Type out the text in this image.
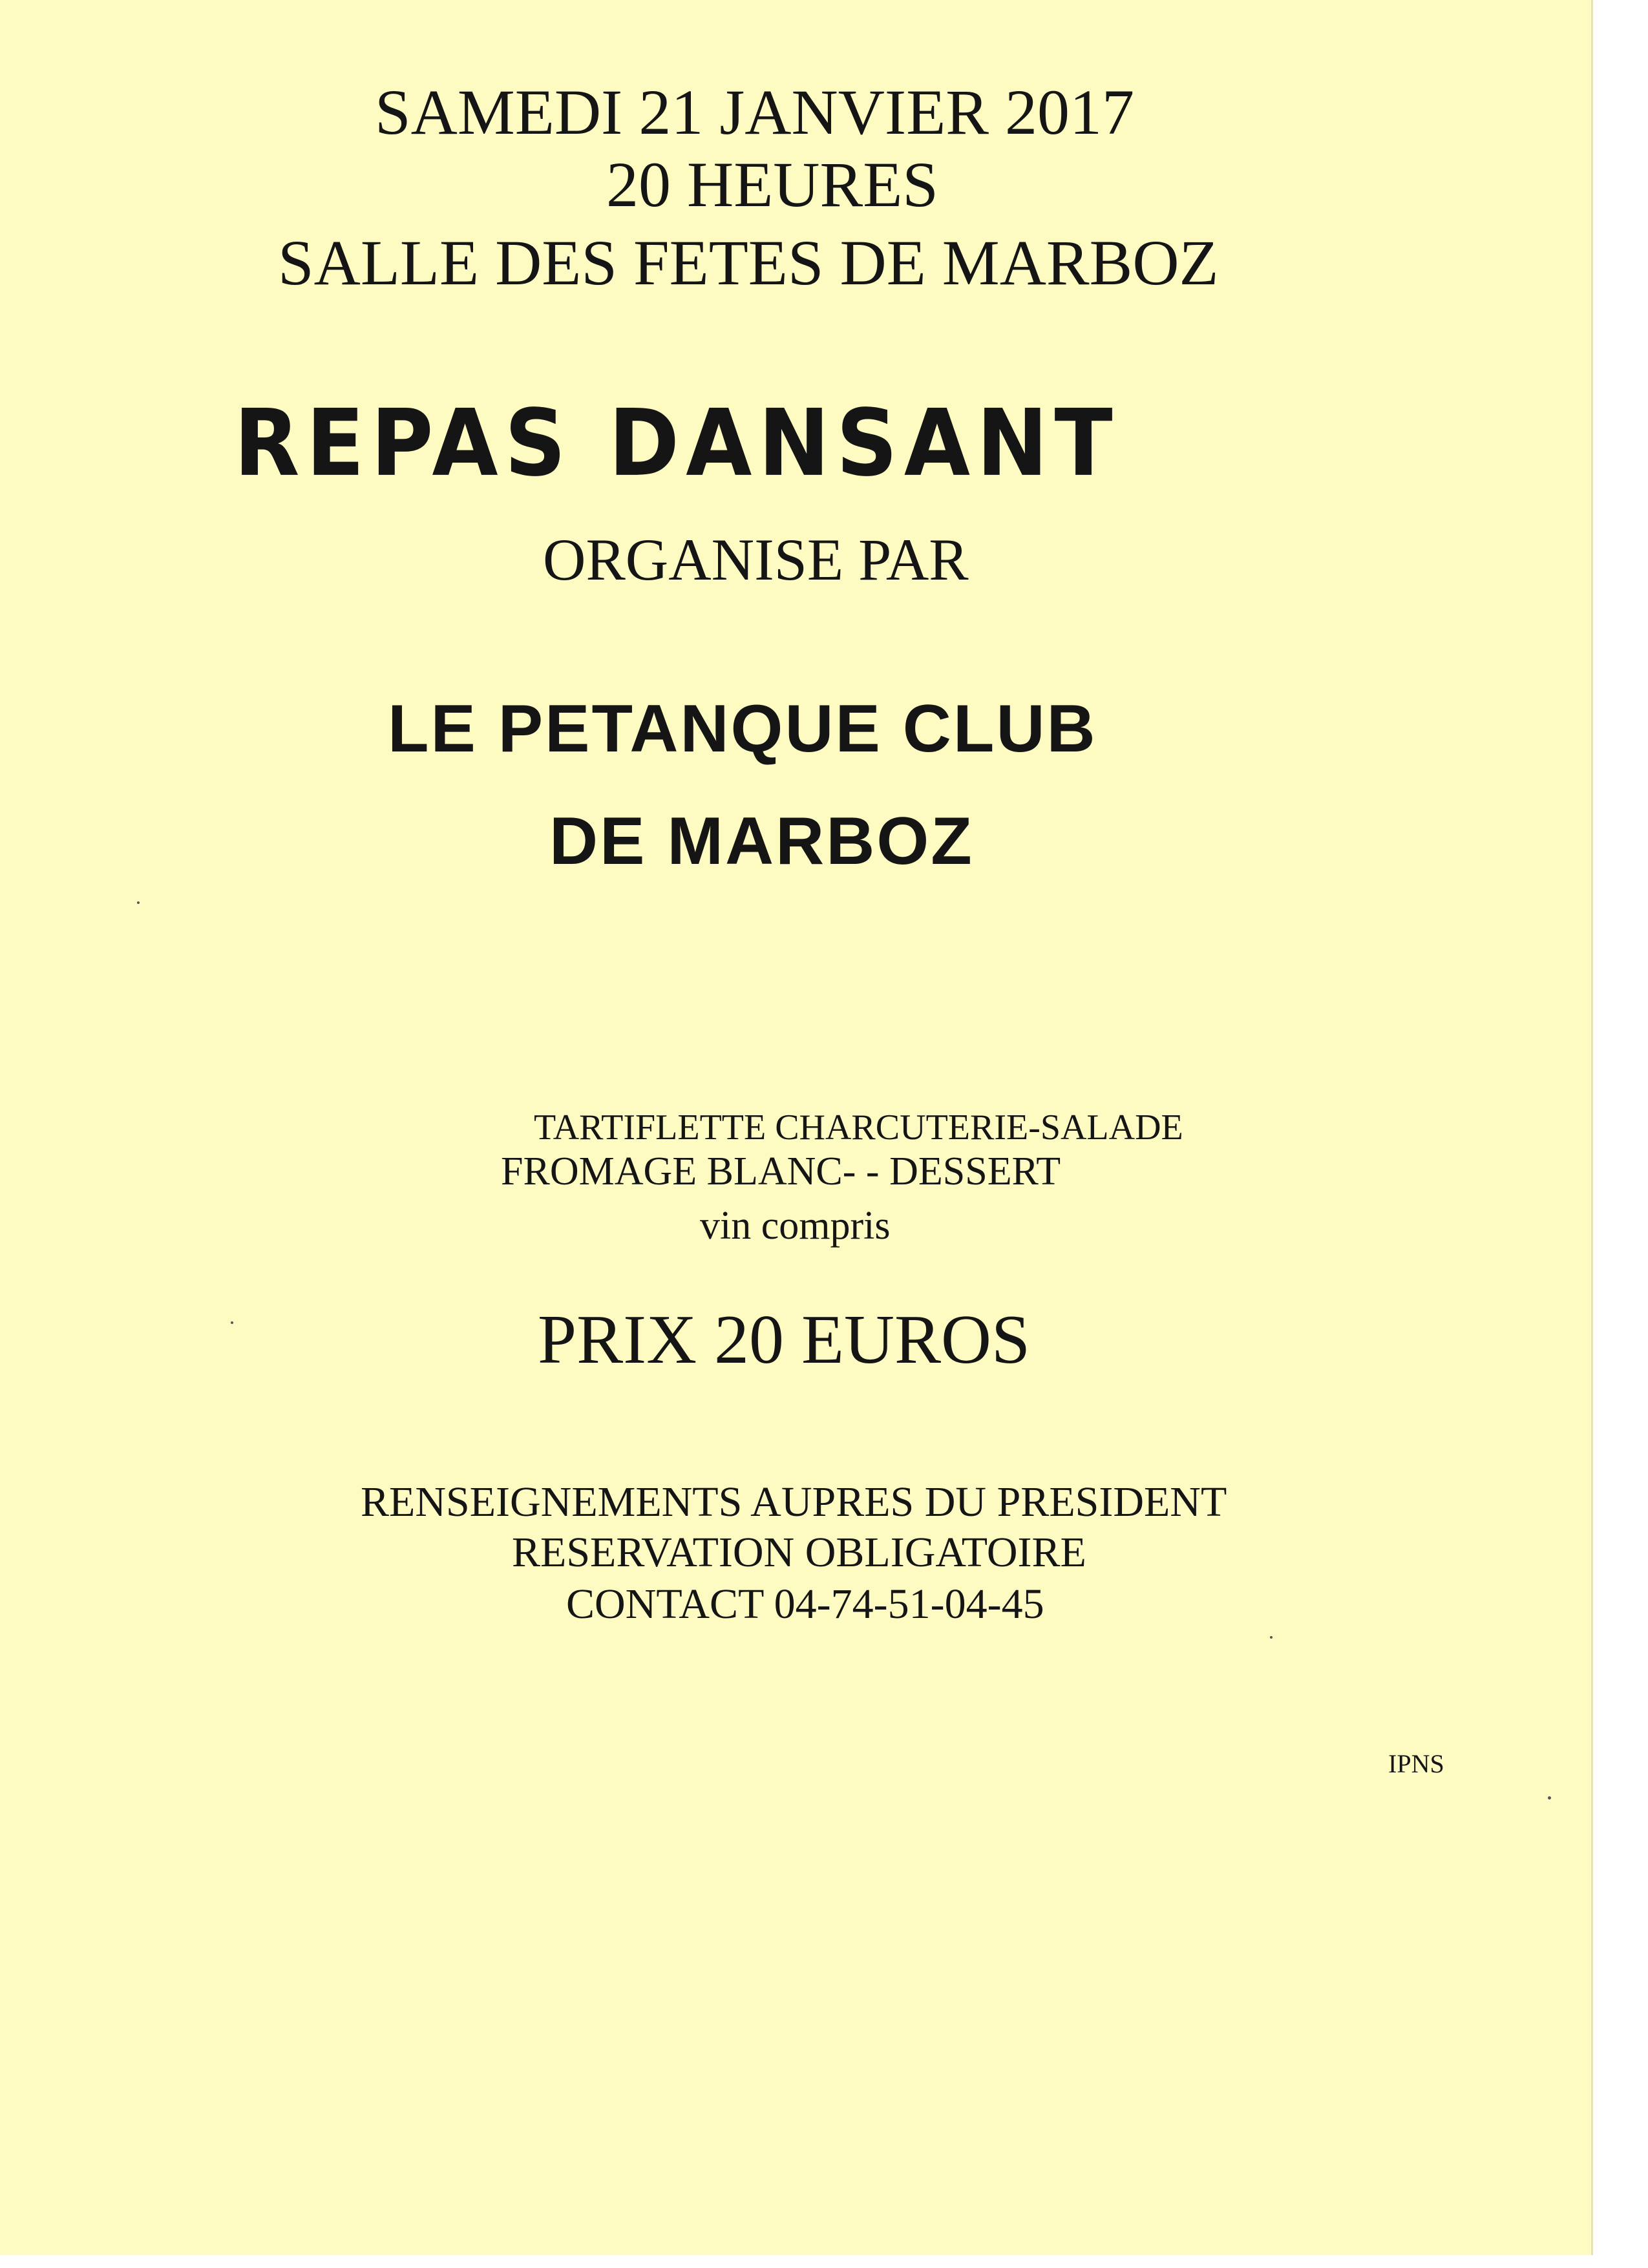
SAMEDI 21 JANVIER 2017

20 HEURES

SALLE DES FETES DE MARBOZ

REPAS DANSANT

ORGANISE PAR

LE PETANQUE CLUB

DE MARBOZ

TARTIFLETTE CHARCUTERIE-SALADE

FROMAGE BLANC- - DESSERT

vin compris

PRIX 20 EUROS

RENSEIGNEMENTS AUPRES DU PRESIDENT

RESERVATION OBLIGATOIRE

CONTACT 04-74-51-04-45

IPNS
